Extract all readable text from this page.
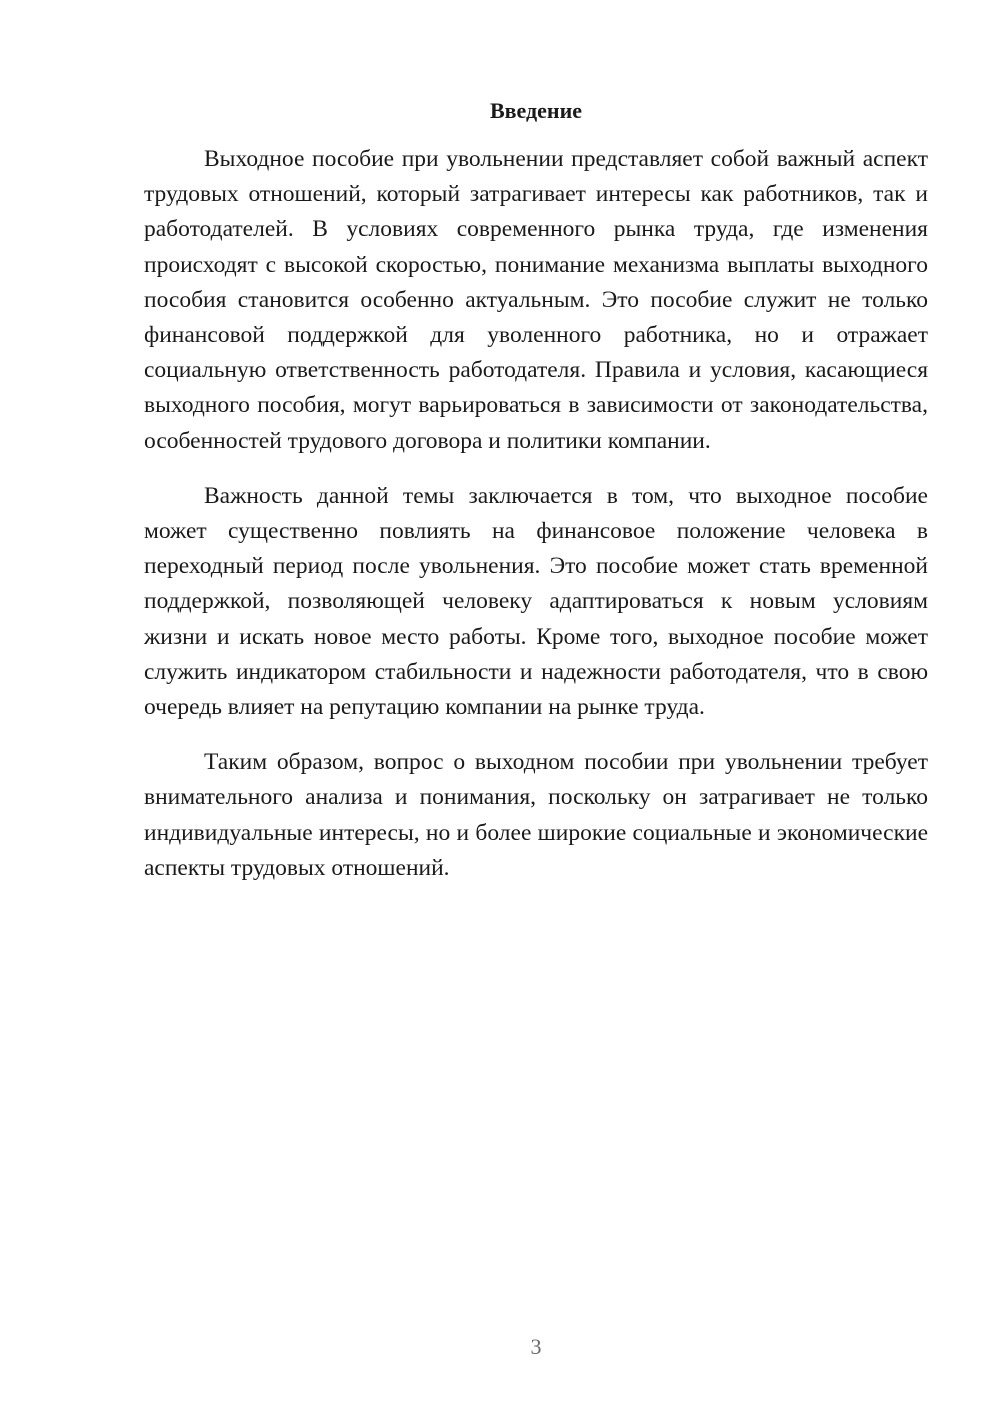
Введение

Выходное пособие при увольнении представляет собой важный аспект трудовых отношений, который затрагивает интересы как работников, так и работодателей. В условиях современного рынка труда, где изменения происходят с высокой скоростью, понимание механизма выплаты выходного пособия становится особенно актуальным. Это пособие служит не только финансовой поддержкой для уволенного работника, но и отражает социальную ответственность работодателя. Правила и условия, касающиеся выходного пособия, могут варьироваться в зависимости от законодательства, особенностей трудового договора и политики компании.

Важность данной темы заключается в том, что выходное пособие может существенно повлиять на финансовое положение человека в переходный период после увольнения. Это пособие может стать временной поддержкой, позволяющей человеку адаптироваться к новым условиям жизни и искать новое место работы. Кроме того, выходное пособие может служить индикатором стабильности и надежности работодателя, что в свою очередь влияет на репутацию компании на рынке труда.

Таким образом, вопрос о выходном пособии при увольнении требует внимательного анализа и понимания, поскольку он затрагивает не только индивидуальные интересы, но и более широкие социальные и экономические аспекты трудовых отношений.

3
